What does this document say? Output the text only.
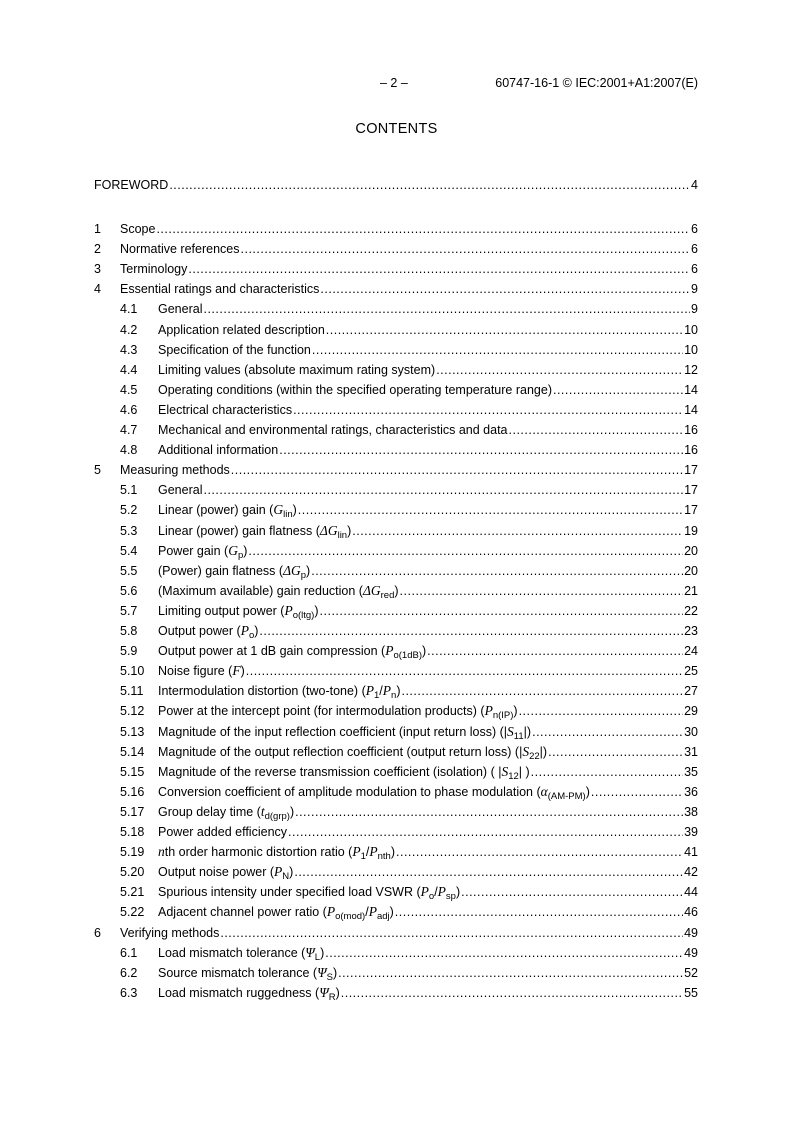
– 2 –	60747-16-1 © IEC:2001+A1:2007(E)
CONTENTS
FOREWORD .....	4
1 Scope .....	6
2 Normative references .....	6
3 Terminology .....	6
4 Essential ratings and characteristics .....	9
4.1 General .....	9
4.2 Application related description .....	10
4.3 Specification of the function .....	10
4.4 Limiting values (absolute maximum rating system) .....	12
4.5 Operating conditions (within the specified operating temperature range) .....	14
4.6 Electrical characteristics .....	14
4.7 Mechanical and environmental ratings, characteristics and data .....	16
4.8 Additional information .....	16
5 Measuring methods .....	17
5.1 General .....	17
5.2 Linear (power) gain $(G_{lin})$ .....	17
5.3 Linear (power) gain flatness $(\Delta G_{lin})$ .....	19
5.4 Power gain $(G_p)$ .....	20
5.5 (Power) gain flatness $(\Delta G_p)$ .....	20
5.6 (Maximum available) gain reduction $(\Delta G_{red})$ .....	21
5.7 Limiting output power $(P_{o(ltg)})$ .....	22
5.8 Output power $(P_o)$ .....	23
5.9 Output power at 1 dB gain compression $(P_{o(1dB)})$ .....	24
5.10 Noise figure (F) .....	25
5.11 Intermodulation distortion (two-tone) $(P_1/P_n)$ .....	27
5.12 Power at the intercept point (for intermodulation products) $(P_{n(IP)})$ .....	29
5.13 Magnitude of the input reflection coefficient (input return loss) $(|S_{11}|)$ .....	30
5.14 Magnitude of the output reflection coefficient (output return loss) $(|S_{22}|)$ .....	31
5.15 Magnitude of the reverse transmission coefficient (isolation) ( $|S_{12}|$ ) .....	35
5.16 Conversion coefficient of amplitude modulation to phase modulation $(\alpha_{(AM-PM)})$ .....	36
5.17 Group delay time $(t_{d(grp)})$ .....	38
5.18 Power added efficiency .....	39
5.19 nth order harmonic distortion ratio $(P_1/P_{nth})$ .....	41
5.20 Output noise power $(P_N)$ .....	42
5.21 Spurious intensity under specified load VSWR $(P_o/P_{sp})$ .....	44
5.22 Adjacent channel power ratio $(P_{o(mod)}/P_{adj})$ .....	46
6 Verifying methods .....	49
6.1 Load mismatch tolerance $(\Psi_L)$ .....	49
6.2 Source mismatch tolerance $(\Psi_S)$ .....	52
6.3 Load mismatch ruggedness $(\Psi_R)$ .....	55
